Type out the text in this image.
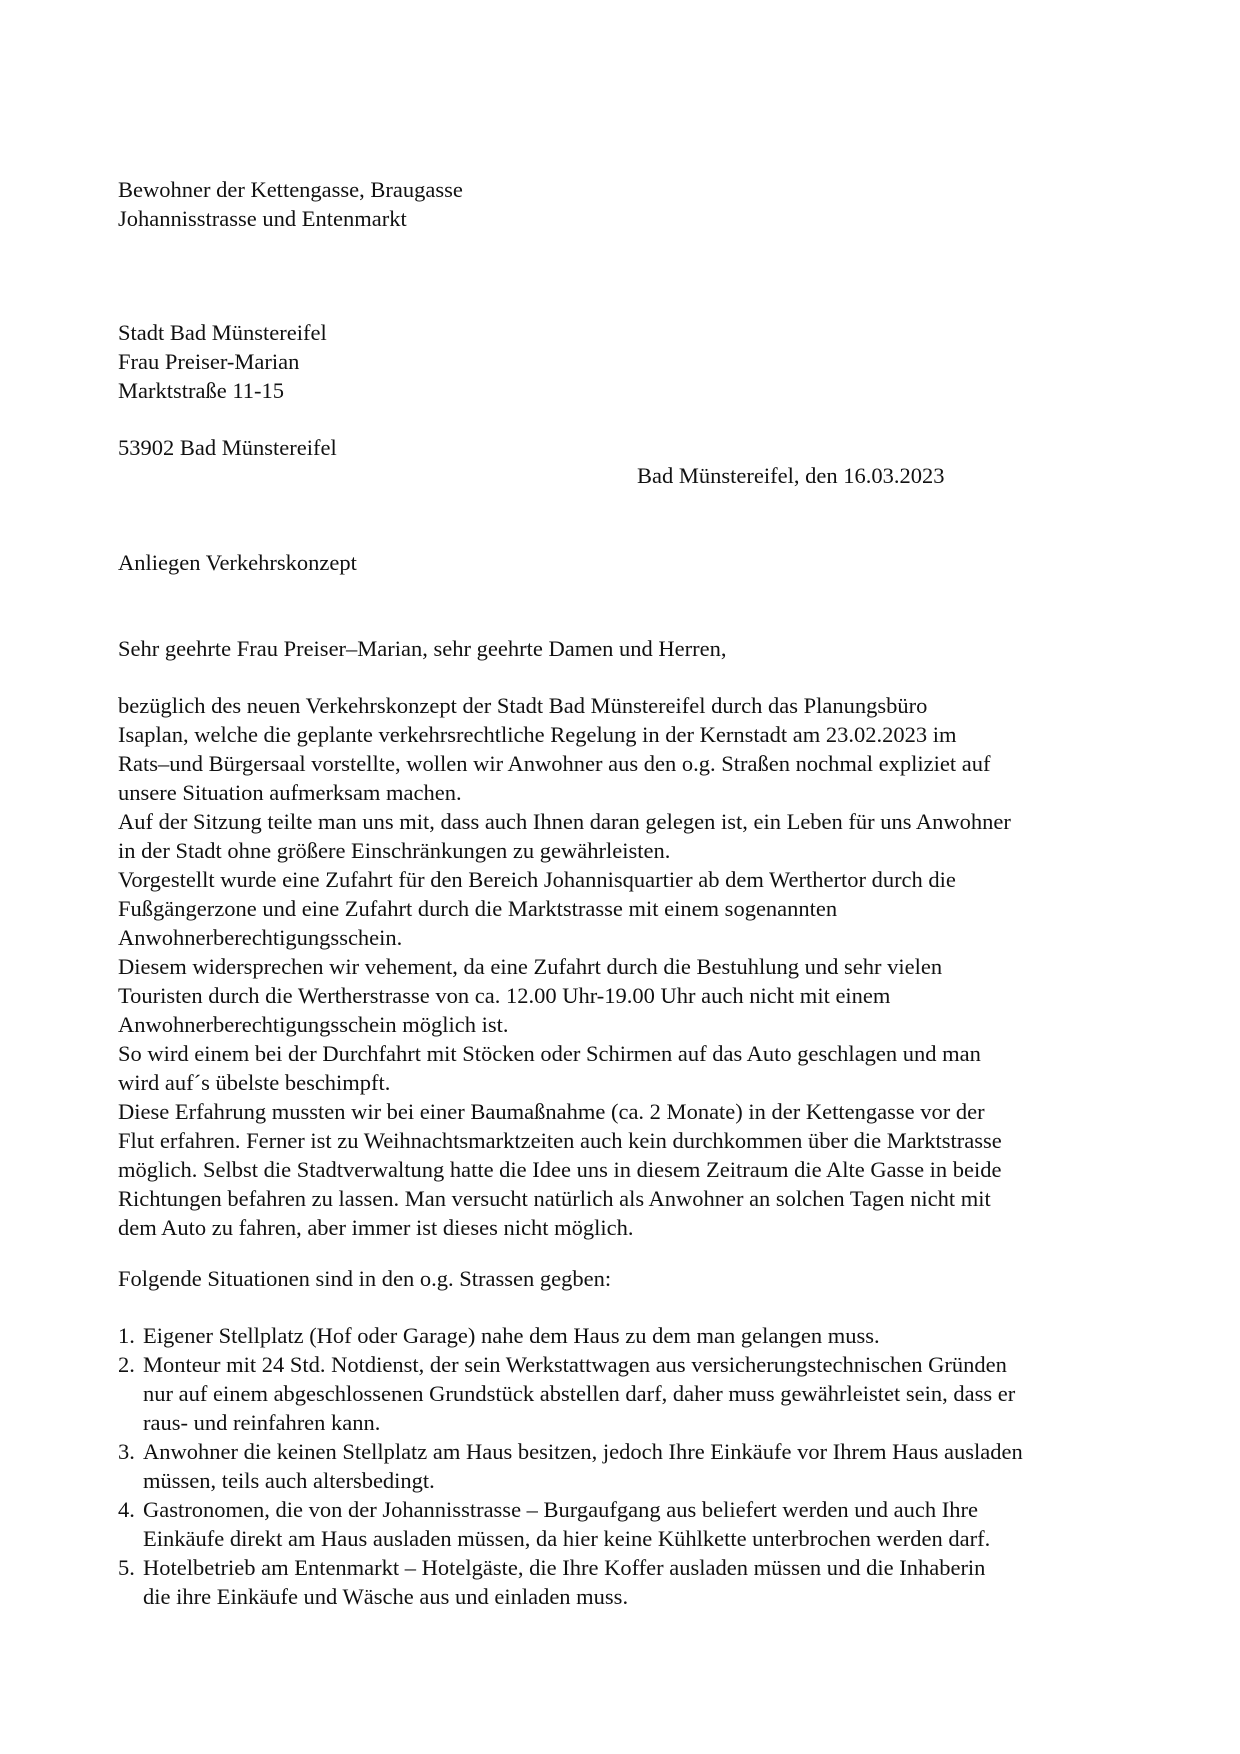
Bewohner der Kettengasse, Braugasse
Johannisstrasse und Entenmarkt
Stadt Bad Münstereifel
Frau Preiser-Marian
Marktstraße 11-15
53902 Bad Münstereifel
Bad Münstereifel, den 16.03.2023
Anliegen Verkehrskonzept
Sehr geehrte Frau Preiser–Marian, sehr geehrte Damen und Herren,
bezüglich des neuen Verkehrskonzept der Stadt Bad Münstereifel durch das Planungsbüro
Isaplan, welche die geplante verkehrsrechtliche Regelung in der Kernstadt am 23.02.2023 im
Rats–und Bürgersaal vorstellte, wollen wir Anwohner aus den o.g. Straßen nochmal expliziet auf
unsere Situation aufmerksam machen.
Auf der Sitzung teilte man uns mit, dass auch Ihnen daran gelegen ist, ein Leben für uns Anwohner
in der Stadt ohne größere Einschränkungen zu gewährleisten.
Vorgestellt wurde eine Zufahrt für den Bereich Johannisquartier ab dem Werthertor durch die
Fußgängerzone und eine Zufahrt durch die Marktstrasse mit einem sogenannten
Anwohnerberechtigungsschein.
Diesem widersprechen wir vehement, da eine Zufahrt durch die Bestuhlung und sehr vielen
Touristen durch die Wertherstrasse von ca. 12.00 Uhr-19.00 Uhr auch nicht mit einem
Anwohnerberechtigungsschein möglich ist.
So wird einem bei der Durchfahrt mit Stöcken oder Schirmen auf das Auto geschlagen und man
wird auf´s übelste beschimpft.
Diese Erfahrung mussten wir bei einer Baumaßnahme (ca. 2 Monate) in der Kettengasse vor der
Flut erfahren. Ferner ist zu Weihnachtsmarktzeiten auch kein durchkommen über die Marktstrasse
möglich. Selbst die Stadtverwaltung hatte die Idee uns in diesem Zeitraum die Alte Gasse in beide
Richtungen befahren zu lassen. Man versucht natürlich als Anwohner an solchen Tagen nicht mit
dem Auto zu fahren, aber immer ist dieses nicht möglich.
Folgende Situationen sind in den o.g. Strassen gegben:
1. Eigener Stellplatz (Hof oder Garage) nahe dem Haus zu dem man gelangen muss.
2. Monteur mit 24 Std. Notdienst, der sein Werkstattwagen aus versicherungstechnischen Gründen
nur auf einem abgeschlossenen Grundstück abstellen darf, daher muss gewährleistet sein, dass er
raus- und reinfahren kann.
3. Anwohner die keinen Stellplatz am Haus besitzen, jedoch Ihre Einkäufe vor Ihrem Haus ausladen
müssen, teils auch altersbedingt.
4. Gastronomen, die von der Johannisstrasse – Burgaufgang aus beliefert werden und auch Ihre
Einkäufe direkt am Haus ausladen müssen, da hier keine Kühlkette unterbrochen werden darf.
5. Hotelbetrieb am Entenmarkt – Hotelgäste, die Ihre Koffer ausladen müssen und die Inhaberin
die ihre Einkäufe und Wäsche aus und einladen muss.
